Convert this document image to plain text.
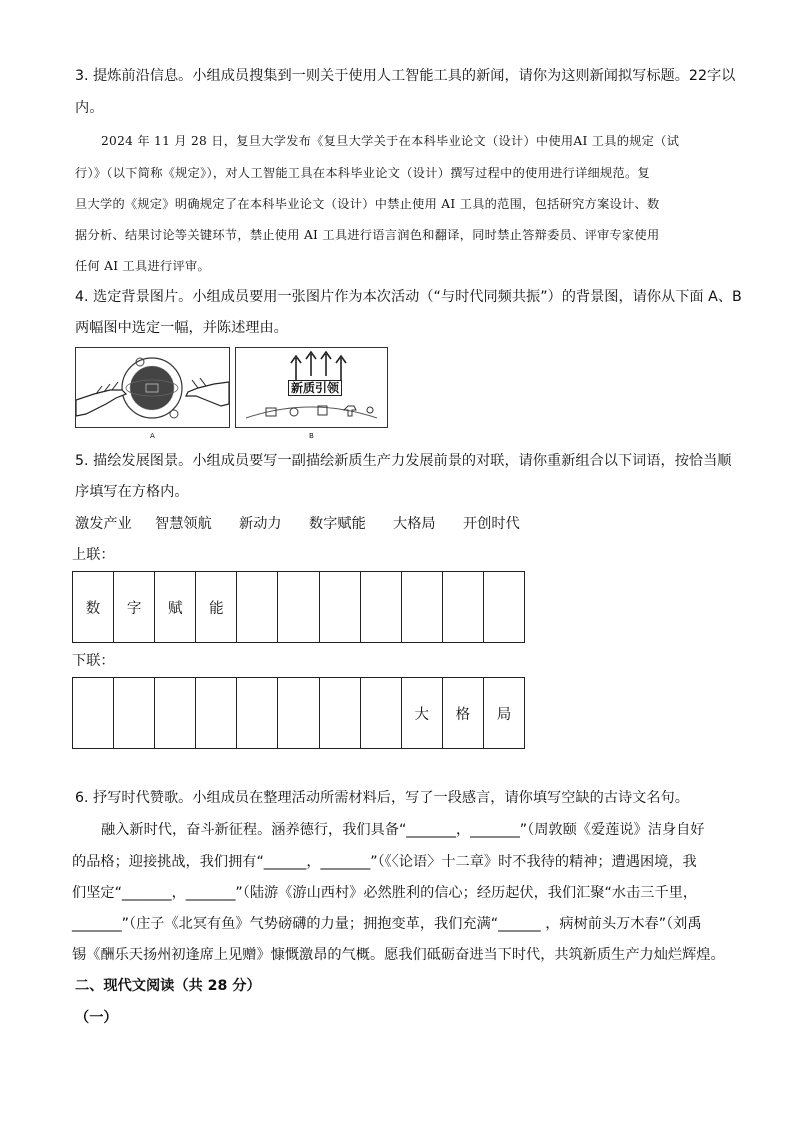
3. 提炼前沿信息。小组成员搜集到一则关于使用人工智能工具的新闻，请你为这则新闻拟写标题。22字以
内。
2024 年 11 月 28 日，复旦大学发布《复旦大学关于在本科毕业论文（设计）中使用AI 工具的规定（试
行）》（以下简称《规定》），对人工智能工具在本科毕业论文（设计）撰写过程中的使用进行详细规范。复
旦大学的《规定》明确规定了在本科毕业论文（设计）中禁止使用 AI 工具的范围，包括研究方案设计、数
据分析、结果讨论等关键环节，禁止使用 AI 工具进行语言润色和翻译，同时禁止答辩委员、评审专家使用
任何 AI 工具进行评审。
4. 选定背景图片。小组成员要用一张图片作为本次活动（“与时代同频共振”）的背景图，请你从下面 A、B
两幅图中选定一幅，并陈述理由。
A
新质引领
B
5. 描绘发展图景。小组成员要写一副描绘新质生产力发展前景的对联，请你重新组合以下词语，按恰当顺
序填写在方格内。
激发产业 智慧领航 新动力 数字赋能 大格局 开创时代
上联：
数	字	赋	能							
下联：
								大	格	局
6. 抒写时代赞歌。小组成员在整理活动所需材料后，写了一段感言，请你填写空缺的古诗文名句。
融入新时代，奋斗新征程。涵养德行，我们具备“_______，_______”（周敦颐《爱莲说》洁身自好
的品格；迎接挑战，我们拥有“______，_______”（《〈论语〉十二章》时不我待的精神；遭遇困境，我
们坚定“_______，_______”（陆游《游山西村》必然胜利的信心；经历起伏，我们汇聚“水击三千里，
_______”（庄子《北冥有鱼》气势磅礴的力量；拥抱变革，我们充满“______ ，病树前头万木春”（刘禹
锡《酬乐天扬州初逢席上见赠》慷慨激昂的气概。愿我们砥砺奋进当下时代，共筑新质生产力灿烂辉煌。
二、现代文阅读（共 28 分）
（一）
